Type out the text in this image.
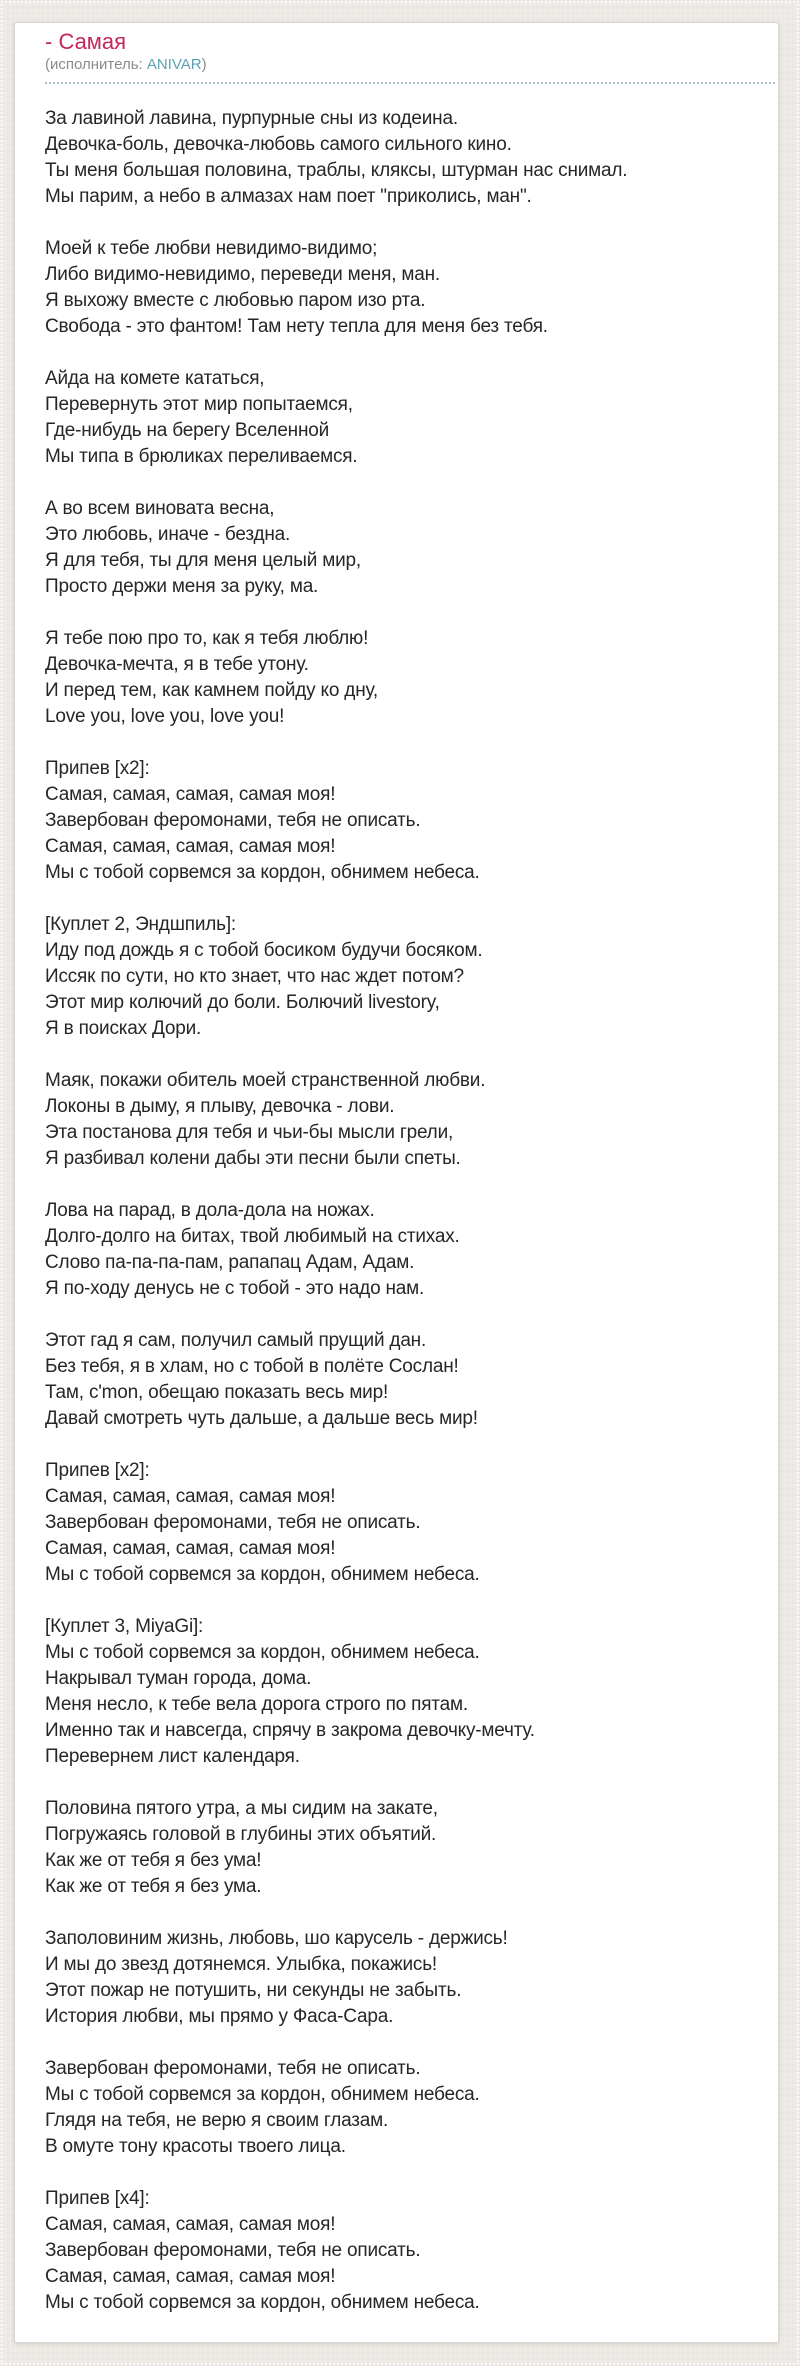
- Самая
(исполнитель: ANIVAR)
За лавиной лавина, пурпурные сны из кодеина.
Девочка-боль, девочка-любовь самого сильного кино.
Ты меня большая половина, траблы, кляксы, штурман нас снимал.
Мы парим, а небо в алмазах нам поет "приколись, ман".
Моей к тебе любви невидимо-видимо;
Либо видимо-невидимо, переведи меня, ман.
Я выхожу вместе с любовью паром изо рта.
Свобода - это фантом! Там нету тепла для меня без тебя.
Айда на комете кататься,
Перевернуть этот мир попытаемся,
Где-нибудь на берегу Вселенной
Мы типа в брюликах переливаемся.
А во всем виновата весна,
Это любовь, иначе - бездна.
Я для тебя, ты для меня целый мир,
Просто держи меня за руку, ма.
Я тебе пою про то, как я тебя люблю!
Девочка-мечта, я в тебе утону.
И перед тем, как камнем пойду ко дну,
Love you, love you, love you!
Припев [x2]:
Самая, самая, самая, самая моя!
Завербован феромонами, тебя не описать.
Самая, самая, самая, самая моя!
Мы с тобой сорвемся за кордон, обнимем небеса.
[Куплет 2, Эндшпиль]:
Иду под дождь я с тобой босиком будучи босяком.
Иссяк по сути, но кто знает, что нас ждет потом?
Этот мир колючий до боли. Болючий livestory,
Я в поисках Дори.
Маяк, покажи обитель моей странственной любви.
Локоны в дыму, я плыву, девочка - лови.
Эта постанова для тебя и чьи-бы мысли грели,
Я разбивал колени дабы эти песни были спеты.
Лова на парад, в дола-дола на ножах.
Долго-долго на битах, твой любимый на стихах.
Слово па-па-па-пам, рапапац Адам, Адам.
Я по-ходу денусь не с тобой - это надо нам.
Этот гад я сам, получил самый прущий дан.
Без тебя, я в хлам, но с тобой в полёте Сослан!
Там, c'mon, обещаю показать весь мир!
Давай смотреть чуть дальше, а дальше весь мир!
Припев [x2]:
Самая, самая, самая, самая моя!
Завербован феромонами, тебя не описать.
Самая, самая, самая, самая моя!
Мы с тобой сорвемся за кордон, обнимем небеса.
[Куплет 3, MiyaGi]:
Мы с тобой сорвемся за кордон, обнимем небеса.
Накрывал туман города, дома.
Меня несло, к тебе вела дорога строго по пятам.
Именно так и навсегда, спрячу в закрома девочку-мечту.
Перевернем лист календаря.
Половина пятого утра, а мы сидим на закате,
Погружаясь головой в глубины этих объятий.
Как же от тебя я без ума!
Как же от тебя я без ума.
Заполовиним жизнь, любовь, шо карусель - держись!
И мы до звезд дотянемся. Улыбка, покажись!
Этот пожар не потушить, ни секунды не забыть.
История любви, мы прямо у Фаса-Сара.
Завербован феромонами, тебя не описать.
Мы с тобой сорвемся за кордон, обнимем небеса.
Глядя на тебя, не верю я своим глазам.
В омуте тону красоты твоего лица.
Припев [x4]:
Самая, самая, самая, самая моя!
Завербован феромонами, тебя не описать.
Самая, самая, самая, самая моя!
Мы с тобой сорвемся за кордон, обнимем небеса.
